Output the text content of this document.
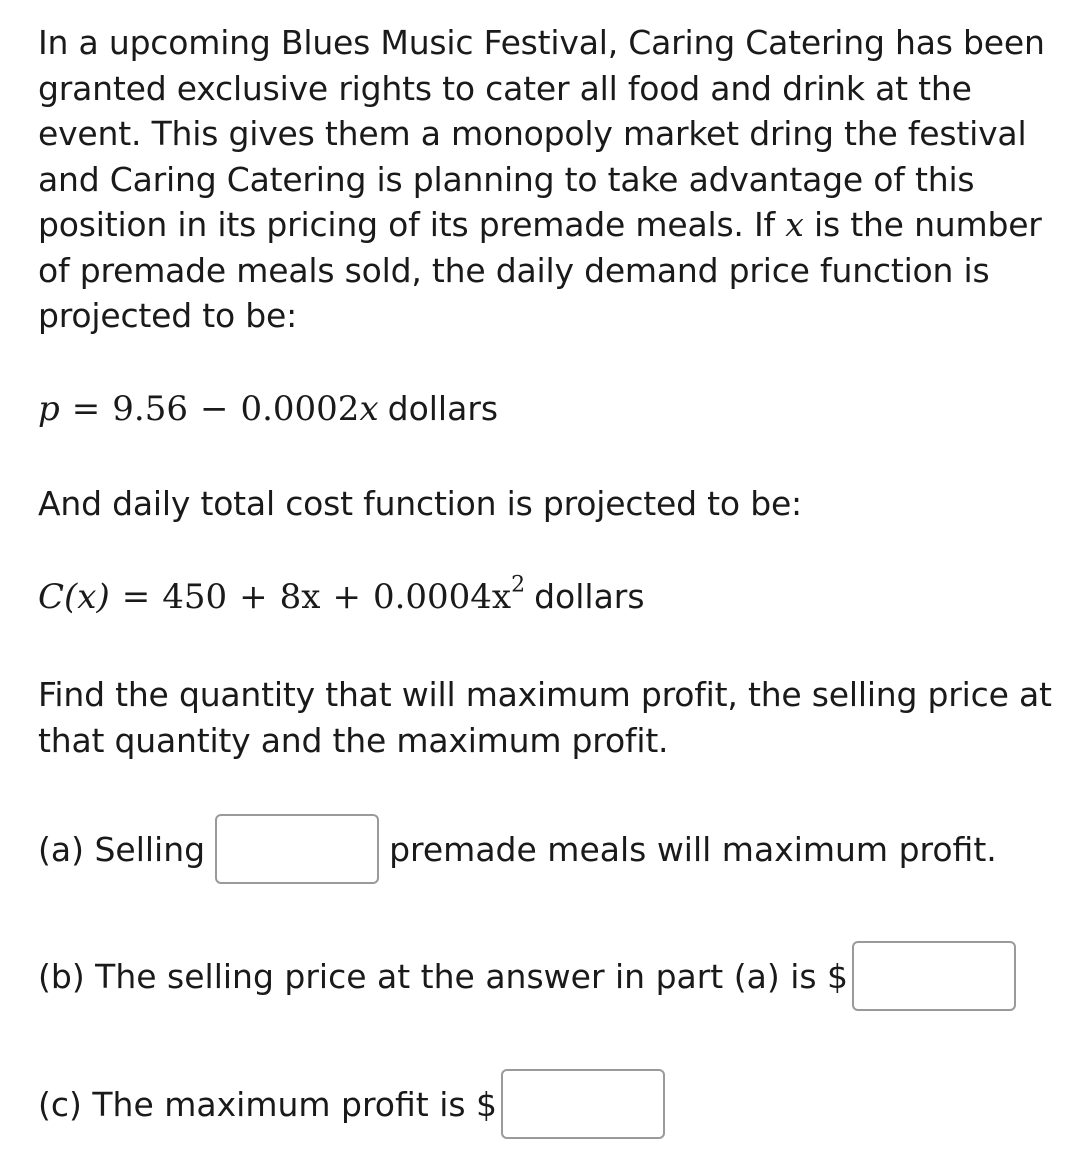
In a upcoming Blues Music Festival, Caring Catering has been granted exclusive rights to cater all food and drink at the event. This gives them a monopoly market dring the festival and Caring Catering is planning to take advantage of this position in its pricing of its premade meals. If x is the number of premade meals sold, the daily demand price function is projected to be:

p = 9.56 − 0.0002x dollars

And daily total cost function is projected to be:

$C(x) = 450 + 8x + 0.0004x^2$ dollars

Find the quantity that will maximum profit, the selling price at that quantity and the maximum profit.

(a) Selling	premade meals will maximum profit.
(b) The selling price at the answer in part (a) is $
(c) The maximum profit is $
